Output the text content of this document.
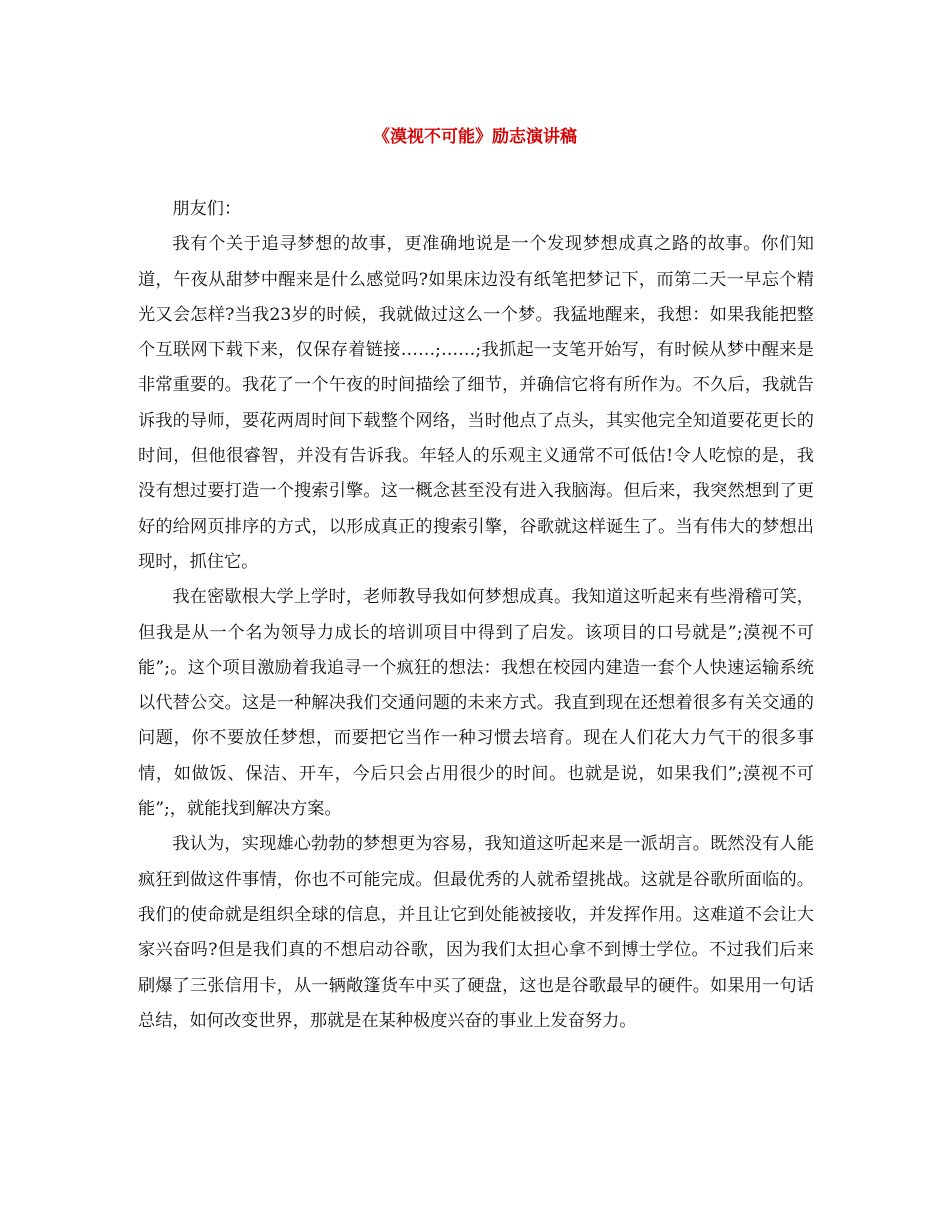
《漠视不可能》励志演讲稿

朋友们：

我有个关于追寻梦想的故事，更准确地说是一个发现梦想成真之路的故事。你们知道，午夜从甜梦中醒来是什么感觉吗?如果床边没有纸笔把梦记下，而第二天一早忘个精光又会怎样?当我23岁的时候，我就做过这么一个梦。我猛地醒来，我想：如果我能把整个互联网下载下来，仅保存着链接……;……;我抓起一支笔开始写，有时候从梦中醒来是非常重要的。我花了一个午夜的时间描绘了细节，并确信它将有所作为。不久后，我就告诉我的导师，要花两周时间下载整个网络，当时他点了点头，其实他完全知道要花更长的时间，但他很睿智，并没有告诉我。年轻人的乐观主义通常不可低估!令人吃惊的是，我没有想过要打造一个搜索引擎。这一概念甚至没有进入我脑海。但后来，我突然想到了更好的给网页排序的方式，以形成真正的搜索引擎，谷歌就这样诞生了。当有伟大的梦想出现时，抓住它。

我在密歇根大学上学时，老师教导我如何梦想成真。我知道这听起来有些滑稽可笑，但我是从一个名为领导力成长的培训项目中得到了启发。该项目的口号就是”;漠视不可能”;。这个项目激励着我追寻一个疯狂的想法：我想在校园内建造一套个人快速运输系统以代替公交。这是一种解决我们交通问题的未来方式。我直到现在还想着很多有关交通的问题，你不要放任梦想，而要把它当作一种习惯去培育。现在人们花大力气干的很多事情，如做饭、保洁、开车，今后只会占用很少的时间。也就是说，如果我们”;漠视不可能”;，就能找到解决方案。

我认为，实现雄心勃勃的梦想更为容易，我知道这听起来是一派胡言。既然没有人能疯狂到做这件事情，你也不可能完成。但最优秀的人就希望挑战。这就是谷歌所面临的。我们的使命就是组织全球的信息，并且让它到处能被接收，并发挥作用。这难道不会让大家兴奋吗?但是我们真的不想启动谷歌，因为我们太担心拿不到博士学位。不过我们后来刷爆了三张信用卡，从一辆敞篷货车中买了硬盘，这也是谷歌最早的硬件。如果用一句话总结，如何改变世界，那就是在某种极度兴奋的事业上发奋努力。
